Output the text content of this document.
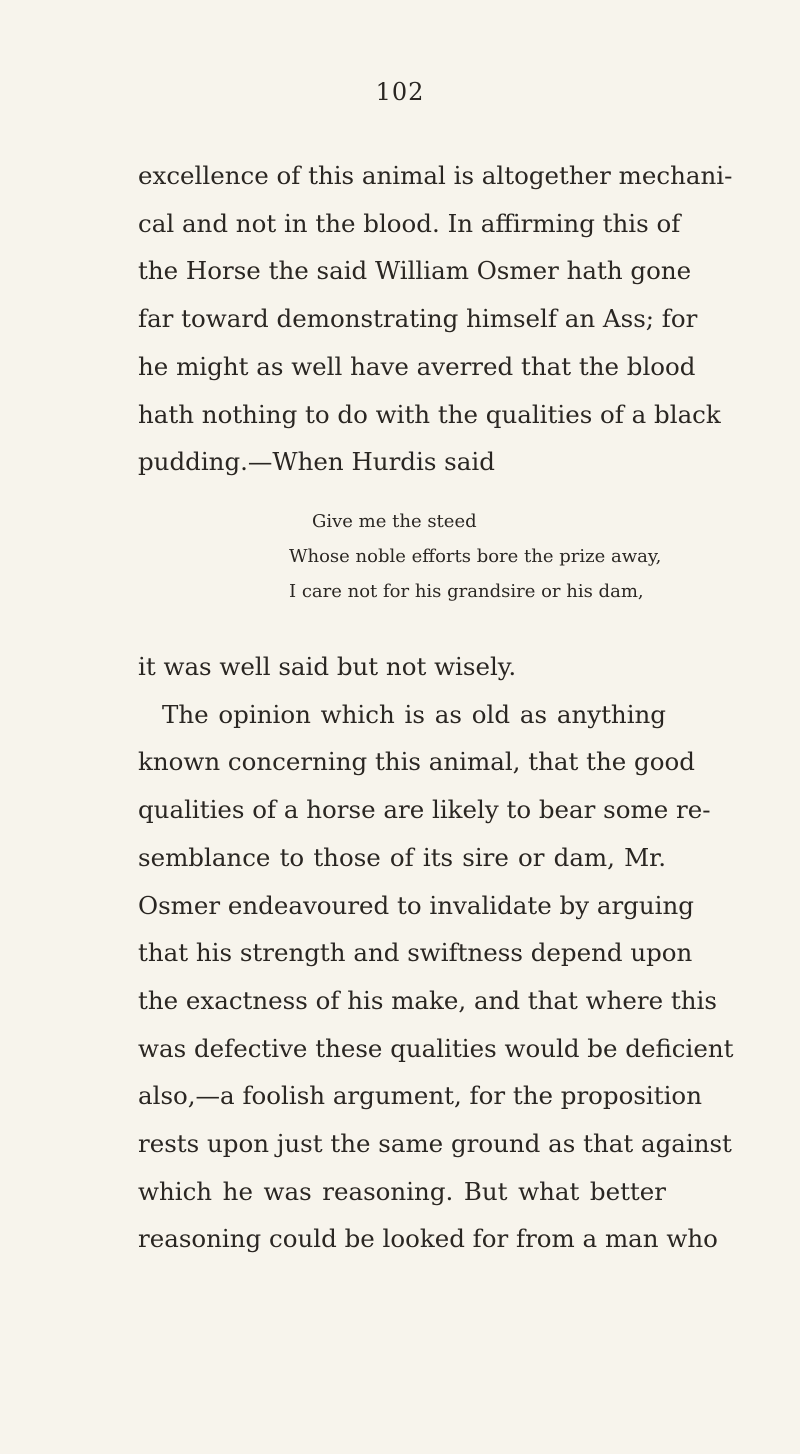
102
excellence of this animal is altogether mechani-
cal and not in the blood. In affirming this of
the Horse the said William Osmer hath gone
far toward demonstrating himself an Ass; for
he might as well have averred that the blood
hath nothing to do with the qualities of a black
pudding.—When Hurdis said
Give me the steed
Whose noble efforts bore the prize away,
I care not for his grandsire or his dam,
it was well said but not wisely.
The opinion which is as old as anything
known concerning this animal, that the good
qualities of a horse are likely to bear some re-
semblance to those of its sire or dam, Mr.
Osmer endeavoured to invalidate by arguing
that his strength and swiftness depend upon
the exactness of his make, and that where this
was defective these qualities would be deficient
also,—a foolish argument, for the proposition
rests upon just the same ground as that against
which he was reasoning. But what better
reasoning could be looked for from a man who
